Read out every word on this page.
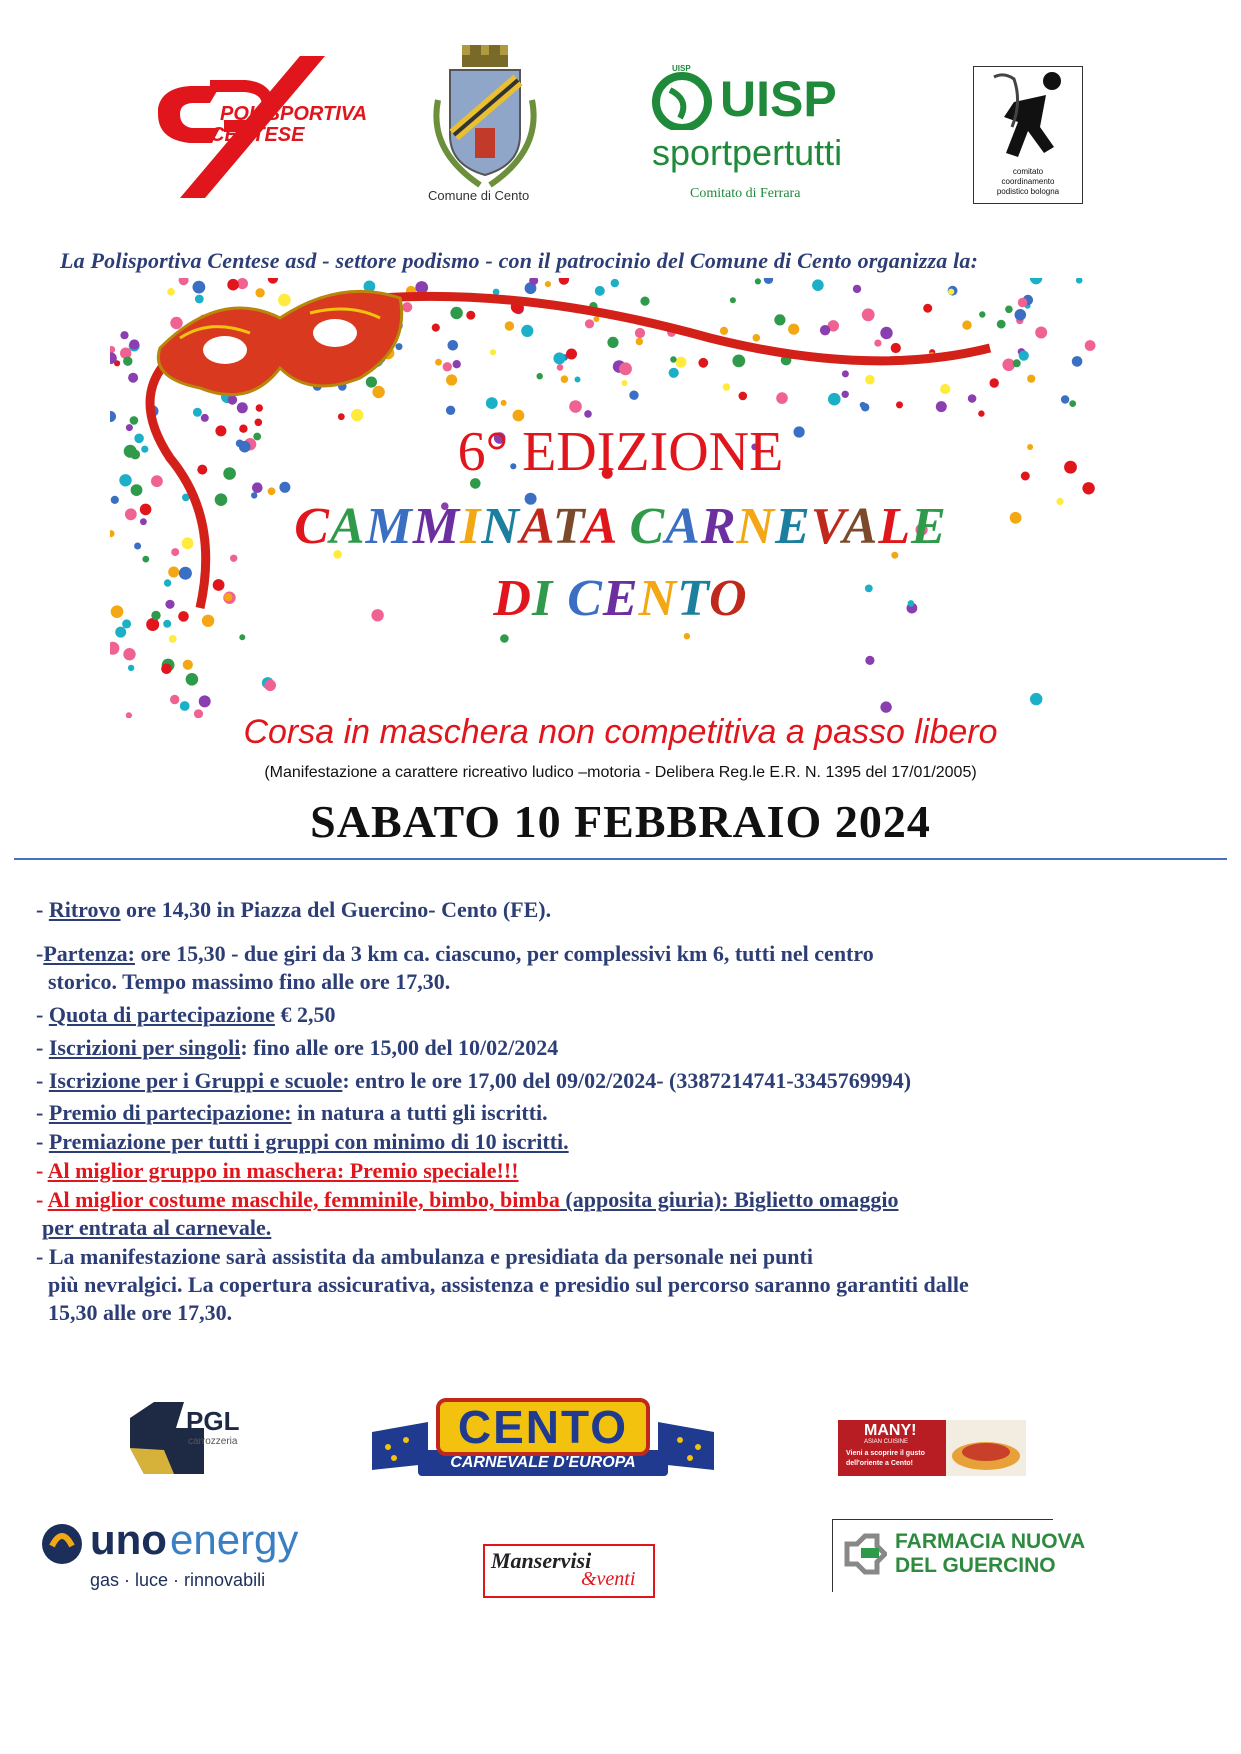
POLISPORTIVA
CENTESE
Comune di Cento
UISP
UISP
sportpertutti
Comitato di Ferrara
comitato
coordinamento
podistico bologna
La Polisportiva Centese asd - settore podismo - con il patrocinio del Comune di Cento organizza la:
6° EDIZIONE
CAMMINATA CARNEVALE
DI CENTO
Corsa in maschera non competitiva a passo libero
(Manifestazione a carattere ricreativo ludico –motoria - Delibera Reg.le E.R. N. 1395 del 17/01/2005)
SABATO 10 FEBBRAIO 2024
- Ritrovo ore 14,30 in Piazza del Guercino- Cento (FE).
-Partenza: ore 15,30 - due giri da 3 km ca. ciascuno, per complessivi km 6, tutti nel centro
storico. Tempo massimo fino alle ore 17,30.
- Quota di partecipazione € 2,50
- Iscrizioni per singoli: fino alle ore 15,00 del 10/02/2024
- Iscrizione per i Gruppi e scuole: entro le ore 17,00 del 09/02/2024- (3387214741-3345769994)
- Premio di partecipazione: in natura a tutti gli iscritti.
- Premiazione per tutti i gruppi con minimo di 10 iscritti.
- Al miglior gruppo in maschera: Premio speciale!!!
- Al miglior costume maschile, femminile, bimbo, bimba (apposita giuria): Biglietto omaggio
per entrata al carnevale.
- La manifestazione sarà assistita da ambulanza e presidiata da personale nei punti
più nevralgici. La copertura assicurativa, assistenza e presidio sul percorso saranno garantiti dalle
15,30 alle ore 17,30.
PGL
carrozzeria	CENTO
CARNEVALE D'EUROPA
MANY!
ASIAN CUISINE
Vieni a scoprire il gusto
dell'oriente a Cento!
uno energy
gas · luce · rinnovabili
Manservisi
&venti
FARMACIA NUOVA
DEL GUERCINO
